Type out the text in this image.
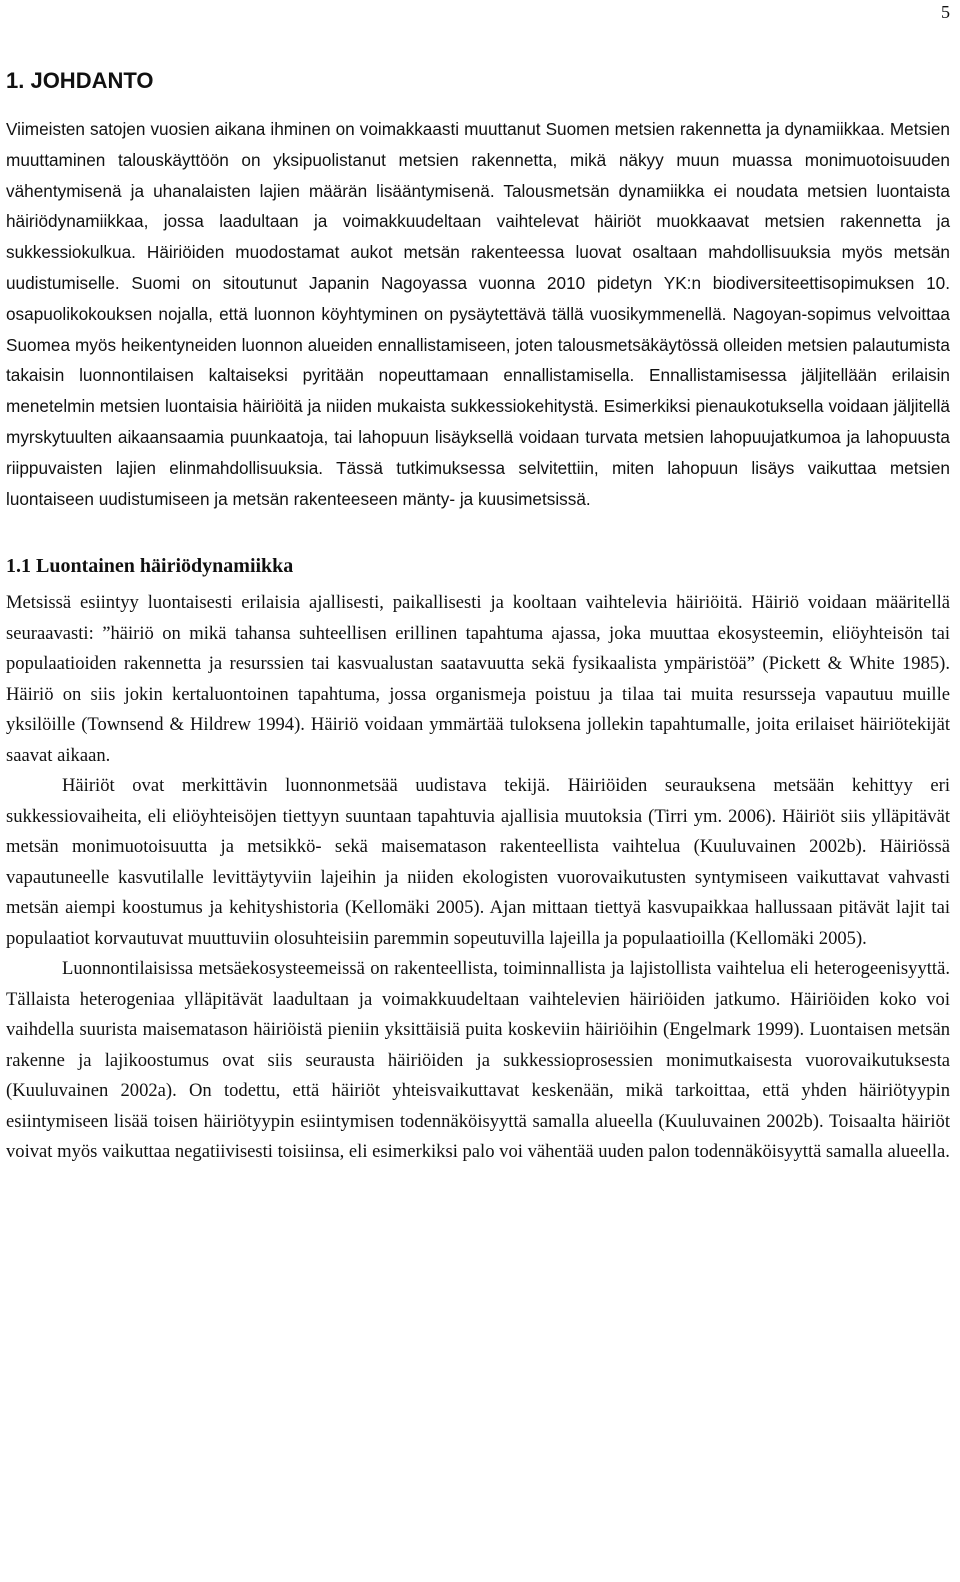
5
1. JOHDANTO

Viimeisten satojen vuosien aikana ihminen on voimakkaasti muuttanut Suomen metsien rakennetta ja dynamiikkaa. Metsien muuttaminen talouskäyttöön on yksipuolistanut metsien rakennetta, mikä näkyy muun muassa monimuotoisuuden vähentymisenä ja uhanalaisten lajien määrän lisääntymisenä. Talousmetsän dynamiikka ei noudata metsien luontaista häiriödynamiikkaa, jossa laadultaan ja voimakkuudeltaan vaihtelevat häiriöt muokkaavat metsien rakennetta ja sukkessiokulkua. Häiriöiden muodostamat aukot metsän rakenteessa luovat osaltaan mahdollisuuksia myös metsän uudistumiselle. Suomi on sitoutunut Japanin Nagoyassa vuonna 2010 pidetyn YK:n biodiversiteettisopimuksen 10. osapuolikokouksen nojalla, että luonnon köyhtyminen on pysäytettävä tällä vuosikymmenellä. Nagoyan-sopimus velvoittaa Suomea myös heikentyneiden luonnon alueiden ennallistamiseen, joten talousmetsäkäytössä olleiden metsien palautumista takaisin luonnontilaisen kaltaiseksi pyritään nopeuttamaan ennallistamisella. Ennallistamisessa jäljitellään erilaisin menetelmin metsien luontaisia häiriöitä ja niiden mukaista sukkessiokehitystä. Esimerkiksi pienaukotuksella voidaan jäljitellä myrskytuulten aikaansaamia puunkaatoja, tai lahopuun lisäyksellä voidaan turvata metsien lahopuujatkumoa ja lahopuusta riippuvaisten lajien elinmahdollisuuksia. Tässä tutkimuksessa selvitettiin, miten lahopuun lisäys vaikuttaa metsien luontaiseen uudistumiseen ja metsän rakenteeseen mänty- ja kuusimetsissä.

1.1 Luontainen häiriödynamiikka

Metsissä esiintyy luontaisesti erilaisia ajallisesti, paikallisesti ja kooltaan vaihtelevia häiriöitä. Häiriö voidaan määritellä seuraavasti: ”häiriö on mikä tahansa suhteellisen erillinen tapahtuma ajassa, joka muuttaa ekosysteemin, eliöyhteisön tai populaatioiden rakennetta ja resurssien tai kasvualustan saatavuutta sekä fysikaalista ympäristöä” (Pickett & White 1985). Häiriö on siis jokin kertaluontoinen tapahtuma, jossa organismeja poistuu ja tilaa tai muita resursseja vapautuu muille yksilöille (Townsend & Hildrew 1994). Häiriö voidaan ymmärtää tuloksena jollekin tapahtumalle, joita erilaiset häiriötekijät saavat aikaan.

Häiriöt ovat merkittävin luonnonmetsää uudistava tekijä. Häiriöiden seurauksena metsään kehittyy eri sukkessiovaiheita, eli eliöyhteisöjen tiettyyn suuntaan tapahtuvia ajallisia muutoksia (Tirri ym. 2006). Häiriöt siis ylläpitävät metsän monimuotoisuutta ja metsikkö- sekä maisematason rakenteellista vaihtelua (Kuuluvainen 2002b). Häiriössä vapautuneelle kasvutilalle levittäytyviin lajeihin ja niiden ekologisten vuorovaikutusten syntymiseen vaikuttavat vahvasti metsän aiempi koostumus ja kehityshistoria (Kellomäki 2005). Ajan mittaan tiettyä kasvupaikkaa hallussaan pitävät lajit tai populaatiot korvautuvat muuttuviin olosuhteisiin paremmin sopeutuvilla lajeilla ja populaatioilla (Kellomäki 2005).

Luonnontilaisissa metsäekosysteemeissä on rakenteellista, toiminnallista ja lajistollista vaihtelua eli heterogeenisyyttä. Tällaista heterogeniaa ylläpitävät laadultaan ja voimakkuudeltaan vaihtelevien häiriöiden jatkumo. Häiriöiden koko voi vaihdella suurista maisematason häiriöistä pieniin yksittäisiä puita koskeviin häiriöihin (Engelmark 1999). Luontaisen metsän rakenne ja lajikoostumus ovat siis seurausta häiriöiden ja sukkessioprosessien monimutkaisesta vuorovaikutuksesta (Kuuluvainen 2002a). On todettu, että häiriöt yhteisvaikuttavat keskenään, mikä tarkoittaa, että yhden häiriötyypin esiintymiseen lisää toisen häiriötyypin esiintymisen todennäköisyyttä samalla alueella (Kuuluvainen 2002b). Toisaalta häiriöt voivat myös vaikuttaa negatiivisesti toisiinsa, eli esimerkiksi palo voi vähentää uuden palon todennäköisyyttä samalla alueella.
